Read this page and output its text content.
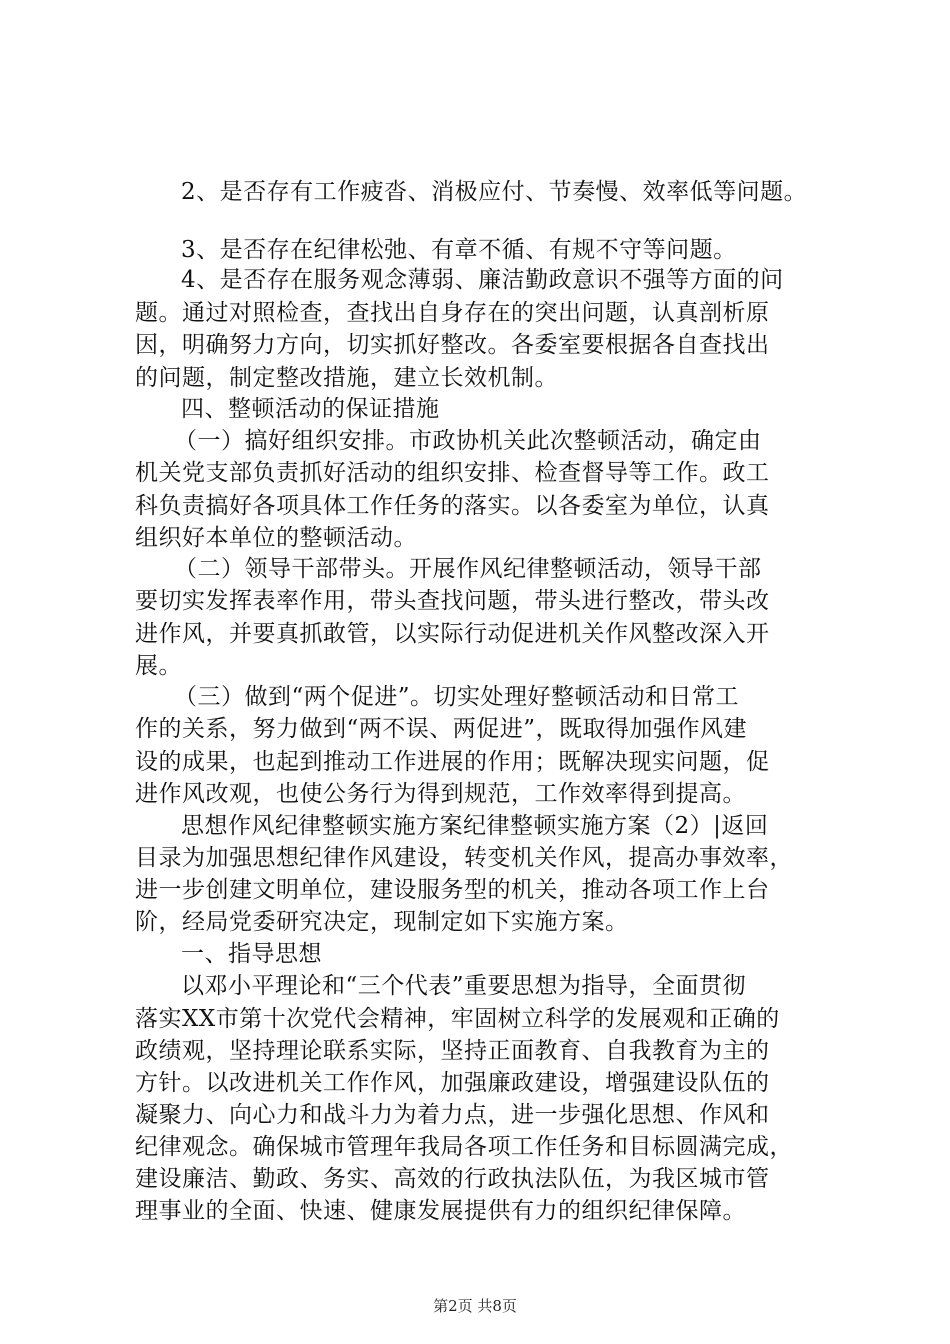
2、是否存有工作疲沓、消极应付、节奏慢、效率低等问题。
3、是否存在纪律松弛、有章不循、有规不守等问题。
4、是否存在服务观念薄弱、廉洁勤政意识不强等方面的问
题。通过对照检查，查找出自身存在的突出问题，认真剖析原
因，明确努力方向，切实抓好整改。各委室要根据各自查找出
的问题，制定整改措施，建立长效机制。
四、整顿活动的保证措施
（一）搞好组织安排。市政协机关此次整顿活动，确定由
机关党支部负责抓好活动的组织安排、检查督导等工作。政工
科负责搞好各项具体工作任务的落实。以各委室为单位，认真
组织好本单位的整顿活动。
（二）领导干部带头。开展作风纪律整顿活动，领导干部
要切实发挥表率作用，带头查找问题，带头进行整改，带头改
进作风，并要真抓敢管，以实际行动促进机关作风整改深入开
展。
（三）做到“两个促进”。切实处理好整顿活动和日常工
作的关系，努力做到“两不误、两促进”，既取得加强作风建
设的成果，也起到推动工作进展的作用；既解决现实问题，促
进作风改观，也使公务行为得到规范，工作效率得到提高。
思想作风纪律整顿实施方案纪律整顿实施方案（2）|返回
目录为加强思想纪律作风建设，转变机关作风，提高办事效率，
进一步创建文明单位，建设服务型的机关，推动各项工作上台
阶，经局党委研究决定，现制定如下实施方案。
一、指导思想
以邓小平理论和“三个代表”重要思想为指导，全面贯彻
落实XX市第十次党代会精神，牢固树立科学的发展观和正确的
政绩观，坚持理论联系实际，坚持正面教育、自我教育为主的
方针。以改进机关工作作风，加强廉政建设，增强建设队伍的
凝聚力、向心力和战斗力为着力点，进一步强化思想、作风和
纪律观念。确保城市管理年我局各项工作任务和目标圆满完成，
建设廉洁、勤政、务实、高效的行政执法队伍，为我区城市管
理事业的全面、快速、健康发展提供有力的组织纪律保障。
第2页 共8页
